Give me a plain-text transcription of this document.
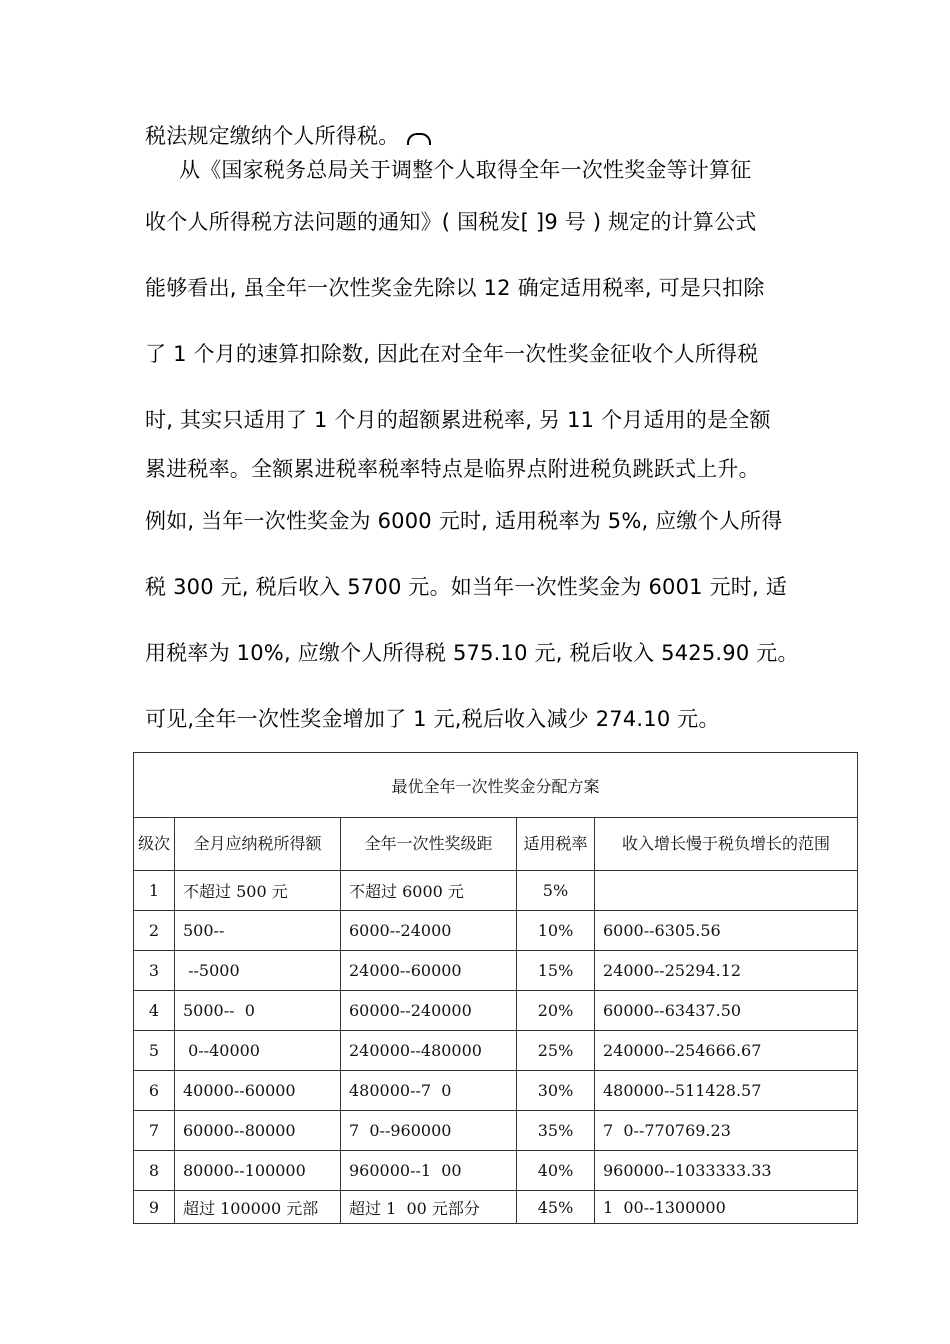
税法规定缴纳个人所得税。
从《国家税务总局关于调整个人取得全年一次性奖金等计算征
收个人所得税方法问题的通知》( 国税发[ ]9 号 ) 规定的计算公式
能够看出, 虽全年一次性奖金先除以 12 确定适用税率, 可是只扣除
了 1 个月的速算扣除数, 因此在对全年一次性奖金征收个人所得税
时, 其实只适用了 1 个月的超额累进税率, 另 11 个月适用的是全额
累进税率。全额累进税率税率特点是临界点附进税负跳跃式上升。
例如, 当年一次性奖金为 6000 元时, 适用税率为 5%, 应缴个人所得
税 300 元, 税后收入 5700 元。如当年一次性奖金为 6001 元时, 适
用税率为 10%, 应缴个人所得税 575.10 元, 税后收入 5425.90 元。
可见,全年一次性奖金增加了 1 元,税后收入减少 274.10 元。
最优全年一次性奖金分配方案				
级次	全月应纳税所得额	全年一次性奖级距	适用税率	收入增长慢于税负增长的范围
1	不超过 500 元	不超过 6000 元	5%	
2	500--	6000--24000	10%	6000--6305.56
3	--5000	24000--60000	15%	24000--25294.12
4	5000--  0	60000--240000	20%	60000--63437.50
5	0--40000	240000--480000	25%	240000--254666.67
6	40000--60000	480000--7  0	30%	480000--511428.57
7	60000--80000	7  0--960000	35%	7  0--770769.23
8	80000--100000	960000--1  00	40%	960000--1033333.33
9	超过 100000 元部	超过 1  00 元部分	45%	1  00--1300000
